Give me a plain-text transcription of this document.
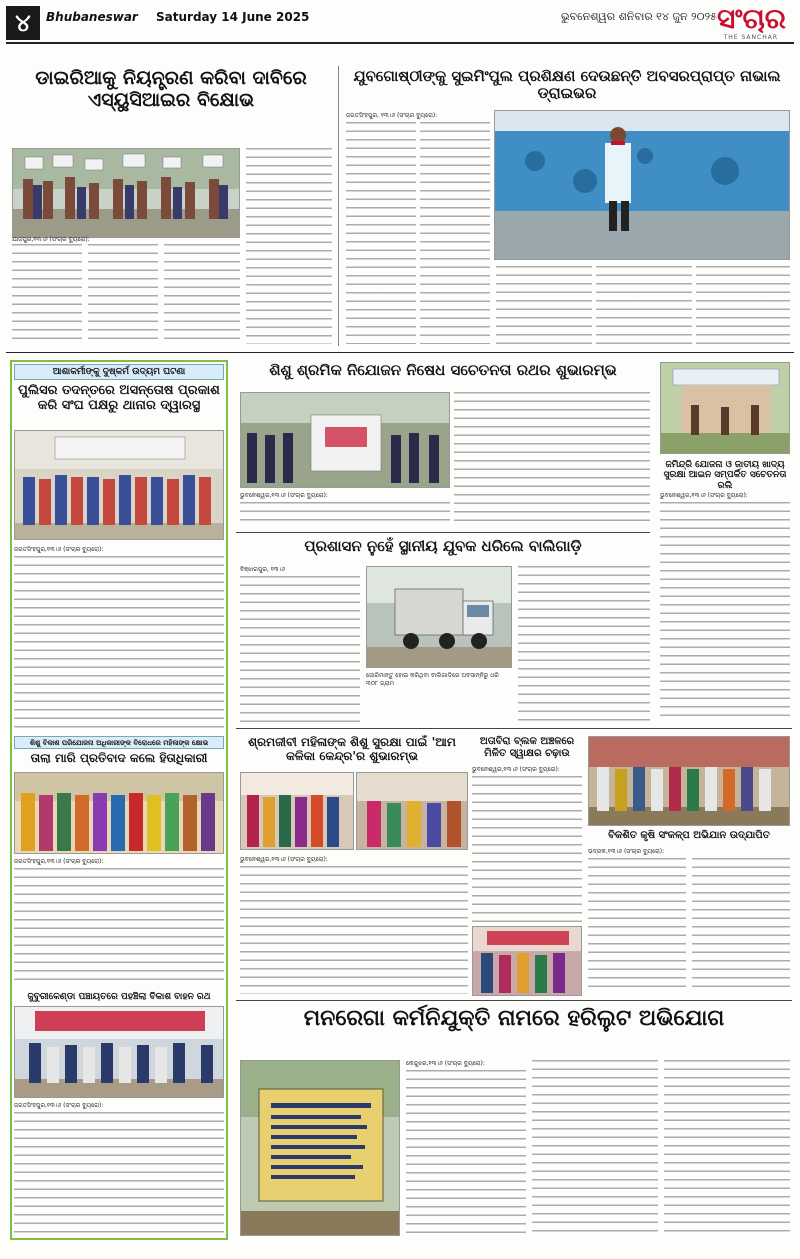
୪	Bhubaneswar Saturday 14 June 2025	ଭୁବନେଶ୍ୱର ଶନିବାର ୧୪ ଜୁନ ୨୦୨୫ ସଂଚାର
THE SANCHAR
ଡାଇରିଆକୁ ନିୟନ୍ତ୍ରଣ କରିବା ଦାବିରେ ଏସ୍‌ୟୁସିଆଇର ବିକ୍ଷୋଭ
ଯାଜପୁର,୧୩।୬ (ସଂଚାର ବ୍ୟୁରୋ):
ଯୁବଗୋଷ୍ଠୀଙ୍କୁ ସୁଇମିଂପୁଲ ପ୍ରଶିକ୍ଷଣ ଦେଉଛନ୍ତି ଅବସରପ୍ରାପ୍ତ ନାଭାଲ ଡ୍ରାଇଭର
ଜଗତସିଂହପୁର, ୧୩।୬ (ସଂଚାର ବ୍ୟୁରୋ):
ଆଶାକର୍ମୀଙ୍କୁ ଦୁଷ୍କର୍ମ ଉଦ୍ୟମ ଘଟଣା
ପୁଲିସର ତଦନ୍ତରେ ଅସନ୍ତୋଷ ପ୍ରକାଶ କରି ସଂଘ ପକ୍ଷରୁ ଥାନାର ଦ୍ୱାରସ୍ଥ
ଜଗତସିଂହପୁର,୧୩।୬ (ସଂଚାର ବ୍ୟୁରୋ):
ଶିଶୁ ବିକାଶ ପରିଯୋଜନା ଅଧିକାରୀଙ୍କ ବିରୋଧରେ ମହିଳାଙ୍କ କ୍ଷୋଭ
ତାଲା ମାରି ପ୍ରତିବାଦ କଲେ ହିତାଧିକାରୀ
ଜଗତସିଂହପୁର,୧୩।୬ (ସଂଚାର ବ୍ୟୁରୋ):
ଜୁବୁରୀକେଣ୍ଡା ପଞ୍ଚାୟତରେ ପହଞ୍ଚିଲା ବିକାଶ ବାହନ ରଥ
ଜଗତସିଂହପୁର,୧୩।୬ (ସଂଚାର ବ୍ୟୁରୋ):
ଶିଶୁ ଶ୍ରମିକ ନିଯୋଜନ ନିଷେଧ ସଚେତନତା ରଥର ଶୁଭାରମ୍ଭ
ଭୁବନେଶ୍ୱର,୧୩।୬ (ସଂଚାର ବ୍ୟୁରୋ):
ଜମିନ୍ଦ୍ରି ଯୋଜନା ଓ ଜାତୀୟ ଖାଦ୍ୟ ସୁରକ୍ଷା ଆଇନ ସମ୍ପର୍କିତ ସଚେତନତା ରଲି
ଭୁବନେଶ୍ୱର,୧୩।୬ (ସଂଚାର ବ୍ୟୁରୋ):
ପ୍ରଶାସନ ନୁହେଁ ସ୍ଥାନୀୟ ଯୁବକ ଧରିଲେ ବାଲିଗାଡ଼ି
ବିଞ୍ଝାରପୁର, ୧୩।୬
ଜୋରିମାନ୍ତୁ ହୋଇ କରିଥିବା ବାଲିଗାଡ଼ିରେ ଅବସାନ୍ନିରୁ ଧରି ୩୦୮ ଗ୍ରାମ
ଶ୍ରମଜୀବୀ ମହିଳାଙ୍କ ଶିଶୁ ସୁରକ୍ଷା ପାଇଁ 'ଆମ କଳିକା କେନ୍ଦ୍ର'ର ଶୁଭାରମ୍ଭ
ଭୁବନେଶ୍ୱର,୧୩।୬ (ସଂଚାର ବ୍ୟୁରୋ):
ଅତାବିରା ବ୍ଲକ ଅଞ୍ଚଳରେ ମିଳିତ ସ୍ୱାକ୍ଷର ଚଢ଼ାଉ
ଭୁବନେଶ୍ୱର,୧୩।୬ (ସଂଚାର ବ୍ୟୁରୋ):
ବିକଶିତ କୃଷି ସଂକଳ୍ପ ଅଭିଯାନ ଉଦ୍‌ଯାପିତ
ଭଦ୍ରକ,୧୩।୬ (ସଂଚାର ବ୍ୟୁରୋ):
ମନରେଗା କର୍ମନିଯୁକ୍ତି ନାମରେ ହରିଲୁଟ ଅଭିଯୋଗ
କେନ୍ଦୁଝର,୧୩।୬ (ସଂଚାର ବ୍ୟୁରୋ):
